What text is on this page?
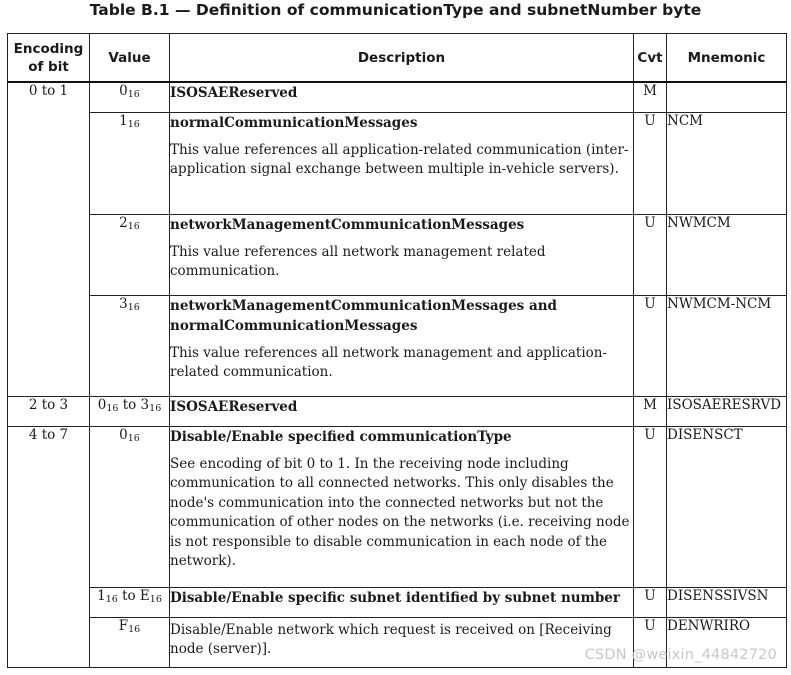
Table B.1 — Definition of communicationType and subnetNumber byte
Encoding of bit	Value	Description	Cvt	Mnemonic
0 to 1	$0_{16}$	ISOSAEReserved	M	
	$1_{16}$	normalCommunicationMessages
This value references all application-related communication (inter-application signal exchange between multiple in-vehicle servers).	U	NCM
	$2_{16}$	networkManagementCommunicationMessages
This value references all network management related communication.	U	NWMCM
	$3_{16}$	networkManagementCommunicationMessages and normalCommunicationMessages
This value references all network management and application-related communication.	U	NWMCM-NCM
2 to 3	$0_{16}$ to $3_{16}$	ISOSAEReserved	M	ISOSAERESRVD
4 to 7	$0_{16}$	Disable/Enable specified communicationType
See encoding of bit 0 to 1. In the receiving node including communication to all connected networks. This only disables the node's communication into the connected networks but not the communication of other nodes on the networks (i.e. receiving node is not responsible to disable communication in each node of the network).	U	DISENSCT
	$1_{16}$ to $E_{16}$	Disable/Enable specific subnet identified by subnet number	U	DISENSSIVSN
	$F_{16}$	Disable/Enable network which request is received on [Receiving node (server)].	U	DENWRIRO
CSDN @weixin_44842720
